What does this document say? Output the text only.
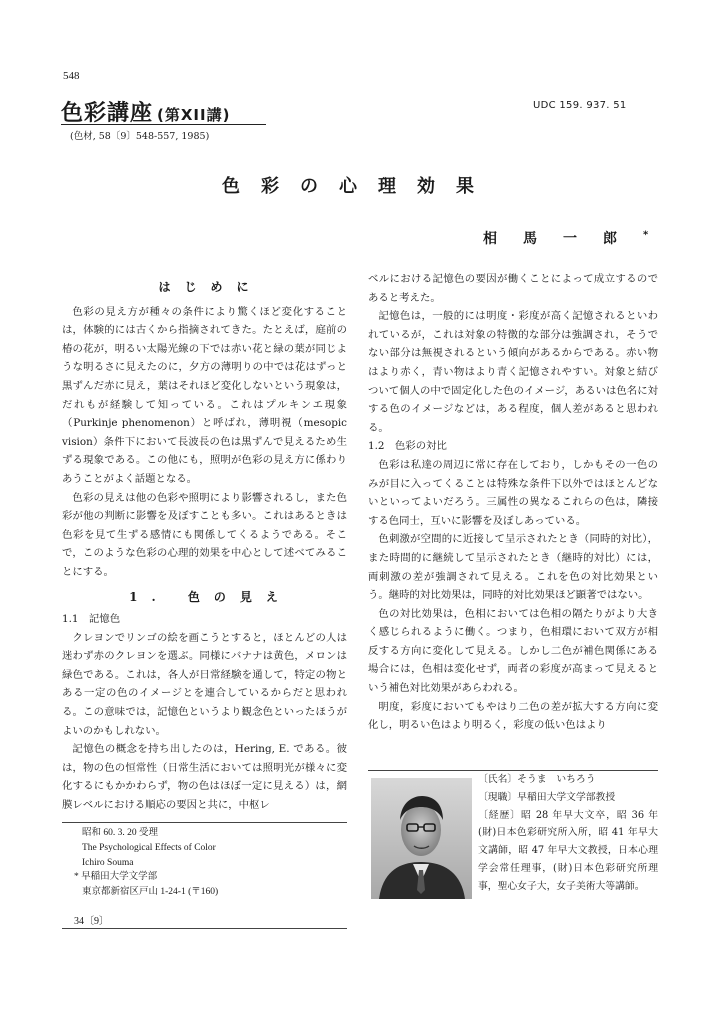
548
色彩講座 (第XII講)
UDC 159. 937. 51
(色材, 58〔9〕548-557, 1985)
色彩の心理効果
相馬一郎*

はじめに

色彩の見え方が種々の条件により驚くほど変化することは，体験的には古くから指摘されてきた。たとえば，庭前の椿の花が，明るい太陽光線の下では赤い花と緑の葉が同じような明るさに見えたのに，夕方の薄明りの中では花はずっと黒ずんだ赤に見え，葉はそれほど変化しないという現象は，だれもが経験して知っている。これはプルキンエ現象（Purkinje phenomenon）と呼ばれ，薄明視（mesopic vision）条件下において長波長の色は黒ずんで見えるため生ずる現象である。この他にも，照明が色彩の見え方に係わりあうことがよく話題となる。

色彩の見えは他の色彩や照明により影響されるし，また色彩が他の判断に影響を及ぼすことも多い。これはあるときは色彩を見て生ずる感情にも関係してくるようである。そこで，このような色彩の心理的効果を中心として述べてみることにする。

1. 色の見え

1.1　記憶色

クレヨンでリンゴの絵を画こうとすると，ほとんどの人は迷わず赤のクレヨンを選ぶ。同様にバナナは黄色，メロンは緑色である。これは，各人が日常経験を通して，特定の物とある一定の色のイメージとを連合しているからだと思われる。この意味では，記憶色というより観念色といったほうがよいのかもしれない。

記憶色の概念を持ち出したのは，Hering, E. である。彼は，物の色の恒常性（日常生活においては照明光が様々に変化するにもかかわらず，物の色はほぼ一定に見える）は，網膜レベルにおける順応の要因と共に，中枢レ

ベルにおける記憶色の要因が働くことによって成立するのであると考えた。

記憶色は，一般的には明度・彩度が高く記憶されるといわれているが，これは対象の特徴的な部分は強調され，そうでない部分は無視されるという傾向があるからである。赤い物はより赤く，青い物はより青く記憶されやすい。対象と結びついて個人の中で固定化した色のイメージ，あるいは色名に対する色のイメージなどは，ある程度，個人差があると思われる。

1.2　色彩の対比

色彩は私達の周辺に常に存在しており，しかもその一色のみが目に入ってくることは特殊な条件下以外ではほとんどないといってよいだろう。三属性の異なるこれらの色は，隣接する色同士，互いに影響を及ぼしあっている。

色刺激が空間的に近接して呈示されたとき（同時的対比），また時間的に継続して呈示されたとき（継時的対比）には，両刺激の差が強調されて見える。これを色の対比効果という。継時的対比効果は，同時的対比効果ほど顕著ではない。

色の対比効果は，色相においては色相の隔たりがより大きく感じられるように働く。つまり，色相環において双方が相反する方向に変化して見える。しかし二色が補色関係にある場合には，色相は変化せず，両者の彩度が高まって見えるという補色対比効果があらわれる。

明度，彩度においてもやはり二色の差が拡大する方向に変化し，明るい色はより明るく，彩度の低い色はより

昭和 60. 3. 20 受理
The Psychological Effects of Color
Ichiro Souma
* 早稲田大学文学部
東京都新宿区戸山 1-24-1 (〒160)
34〔9〕

〔氏名〕そうま　いちろう

〔現職〕早稲田大学文学部教授

〔経歴〕昭 28 年早大文卒，昭 36 年(財)日本色彩研究所入所，昭 41 年早大文講師，昭 47 年早大文教授，日本心理学会常任理事，(財)日本色彩研究所理事，聖心女子大，女子美術大等講師。
